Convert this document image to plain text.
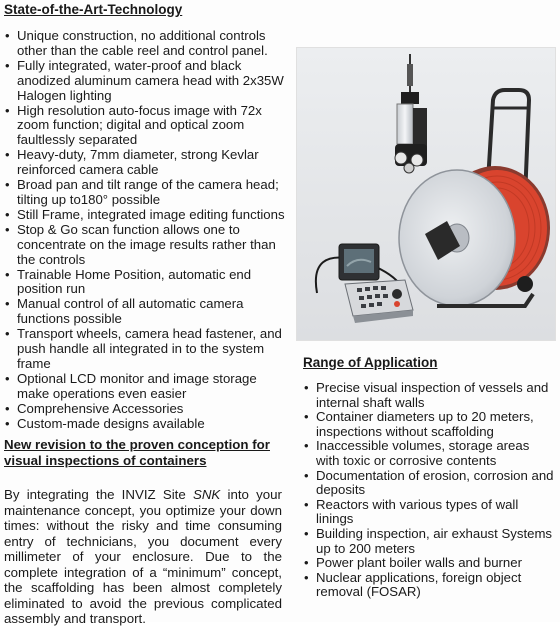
State-of-the-Art-Technology
• Unique construction, no additional controls other than the cable reel and control panel.
• Fully integrated, water-proof and black anodized aluminum camera head with 2x35W Halogen lighting
• High resolution auto-focus image with 72x zoom function; digital and optical zoom faultlessly separated
• Heavy-duty, 7mm diameter, strong Kevlar reinforced camera cable
• Broad pan and tilt range of the camera head; tilting up to180° possible
• Still Frame, integrated image editing functions
• Stop & Go scan function allows one to concentrate on the image results rather than the controls
• Trainable Home Position, automatic end position run
• Manual control of all automatic camera functions possible
• Transport wheels, camera head fastener, and push handle all integrated in to the system frame
• Optional LCD monitor and image storage make operations even easier
• Comprehensive Accessories
• Custom-made designs available
New revision to the proven conception for visual inspections of containers

By integrating the INVIZ Site SNK into your maintenance concept, you optimize your down times: without the risky and time consuming entry of technicians, you document every millimeter of your enclosure. Due to the complete integration of a “minimum” concept, the scaffolding has been almost completely eliminated to avoid the previous complicated assembly and transport.

Range of Application
• Precise visual inspection of vessels and internal shaft walls
• Container diameters up to 20 meters, inspections without scaffolding
• Inaccessible volumes, storage areas with toxic or corrosive contents
• Documentation of erosion, corrosion and deposits
• Reactors with various types of wall linings
• Building inspection, air exhaust Systems up to 200 meters
• Power plant boiler walls and burner
• Nuclear applications, foreign object removal (FOSAR)
